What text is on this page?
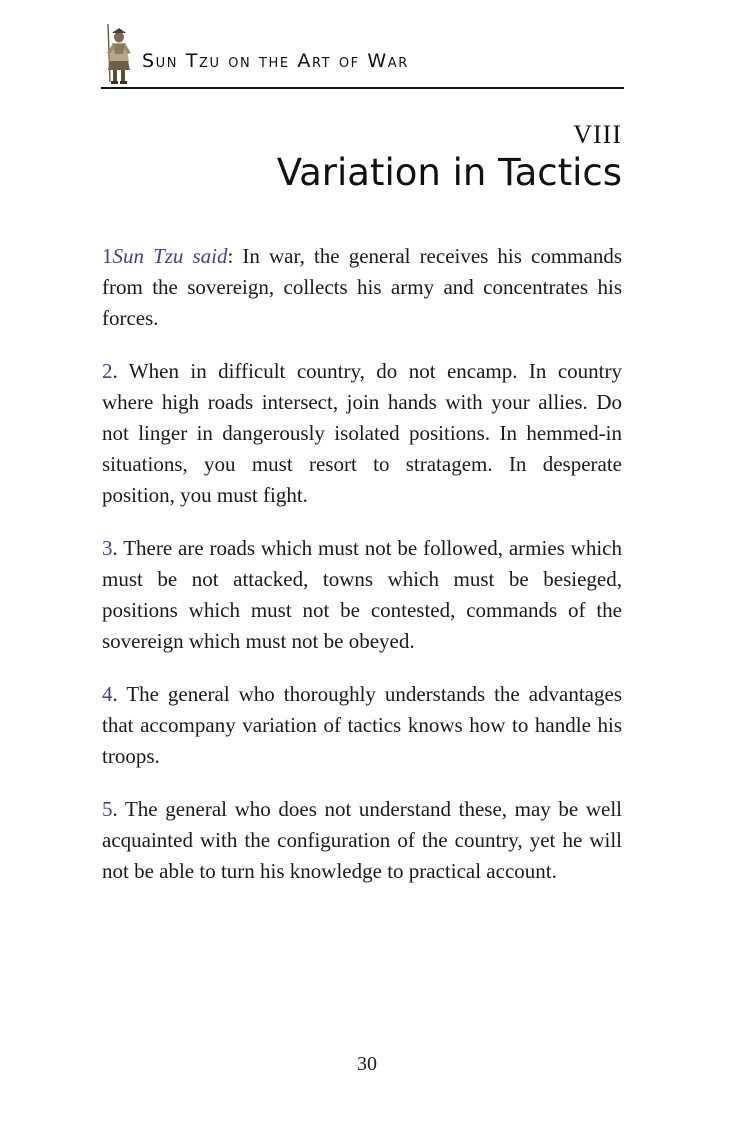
Sun Tzu on the Art of War
VIII
Variation in Tactics

1Sun Tzu said: In war, the general receives his commands from the sovereign, collects his army and concentrates his forces.

2. When in difficult country, do not encamp. In country where high roads intersect, join hands with your allies. Do not linger in dangerously isolated positions. In hemmed-in situations, you must resort to stratagem. In desperate position, you must fight.

3. There are roads which must not be followed, armies which must be not attacked, towns which must be besieged, positions which must not be contested, commands of the sovereign which must not be obeyed.

4. The general who thoroughly understands the advantages that accompany variation of tactics knows how to handle his troops.

5. The general who does not understand these, may be well acquainted with the configuration of the country, yet he will not be able to turn his knowledge to practical account.

30
